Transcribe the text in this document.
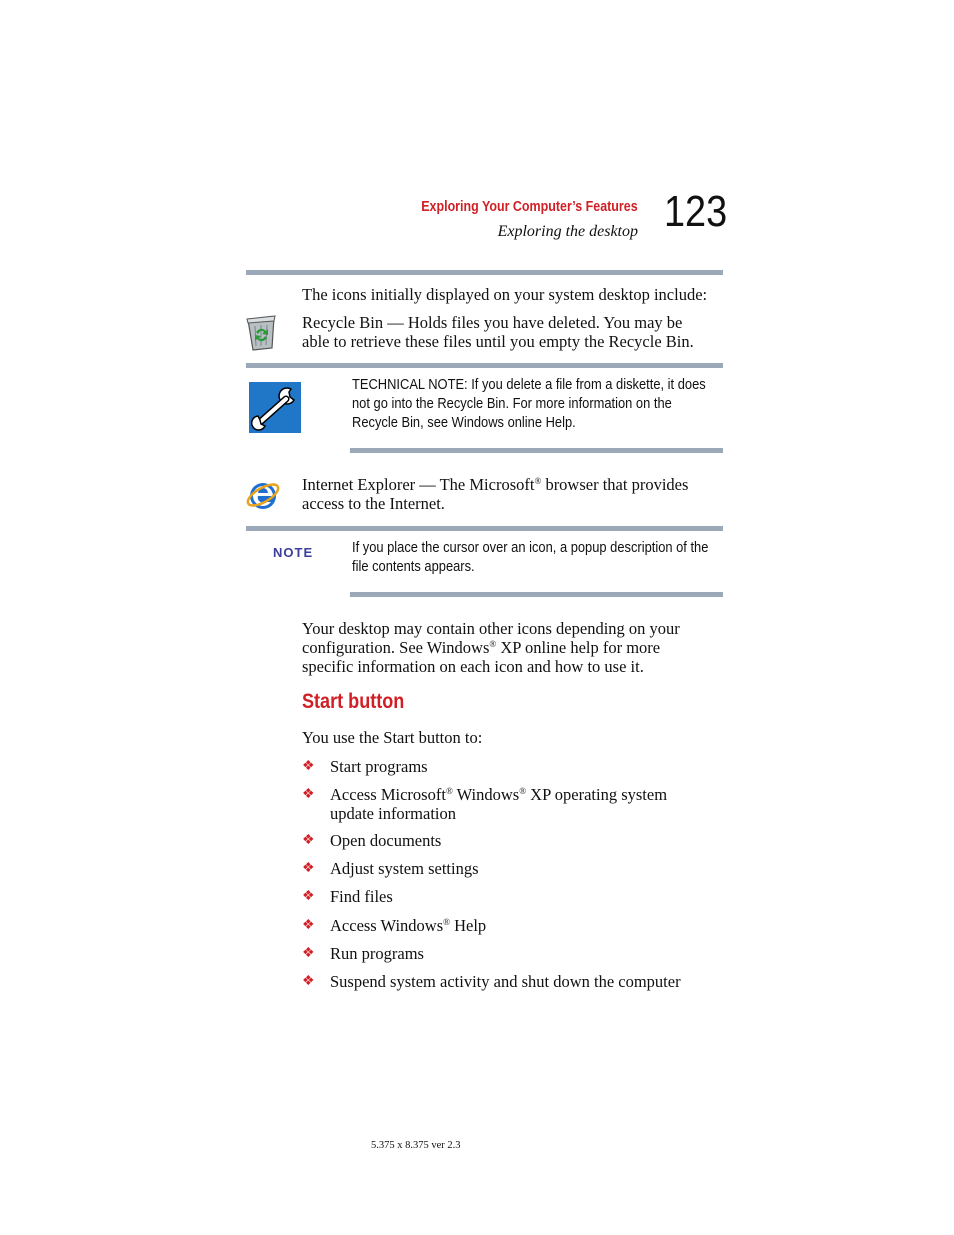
Exploring Your Computer’s Features
Exploring the desktop 123
The icons initially displayed on your system desktop include:
Recycle Bin — Holds files you have deleted. You may be
able to retrieve these files until you empty the Recycle Bin.
TECHNICAL NOTE: If you delete a file from a diskette, it does
not go into the Recycle Bin. For more information on the
Recycle Bin, see Windows online Help.
Internet Explorer — The Microsoft® browser that provides
access to the Internet.
NOTE	If you place the cursor over an icon, a popup description of the
file contents appears.
Your desktop may contain other icons depending on your
configuration. See Windows® XP online help for more
specific information on each icon and how to use it.
Start button
You use the Start button to:
❖ Start programs
❖ Access Microsoft® Windows® XP operating system
update information
❖ Open documents
❖ Adjust system settings
❖ Find files
❖ Access Windows® Help
❖ Run programs
❖ Suspend system activity and shut down the computer
5.375 x 8.375 ver 2.3
